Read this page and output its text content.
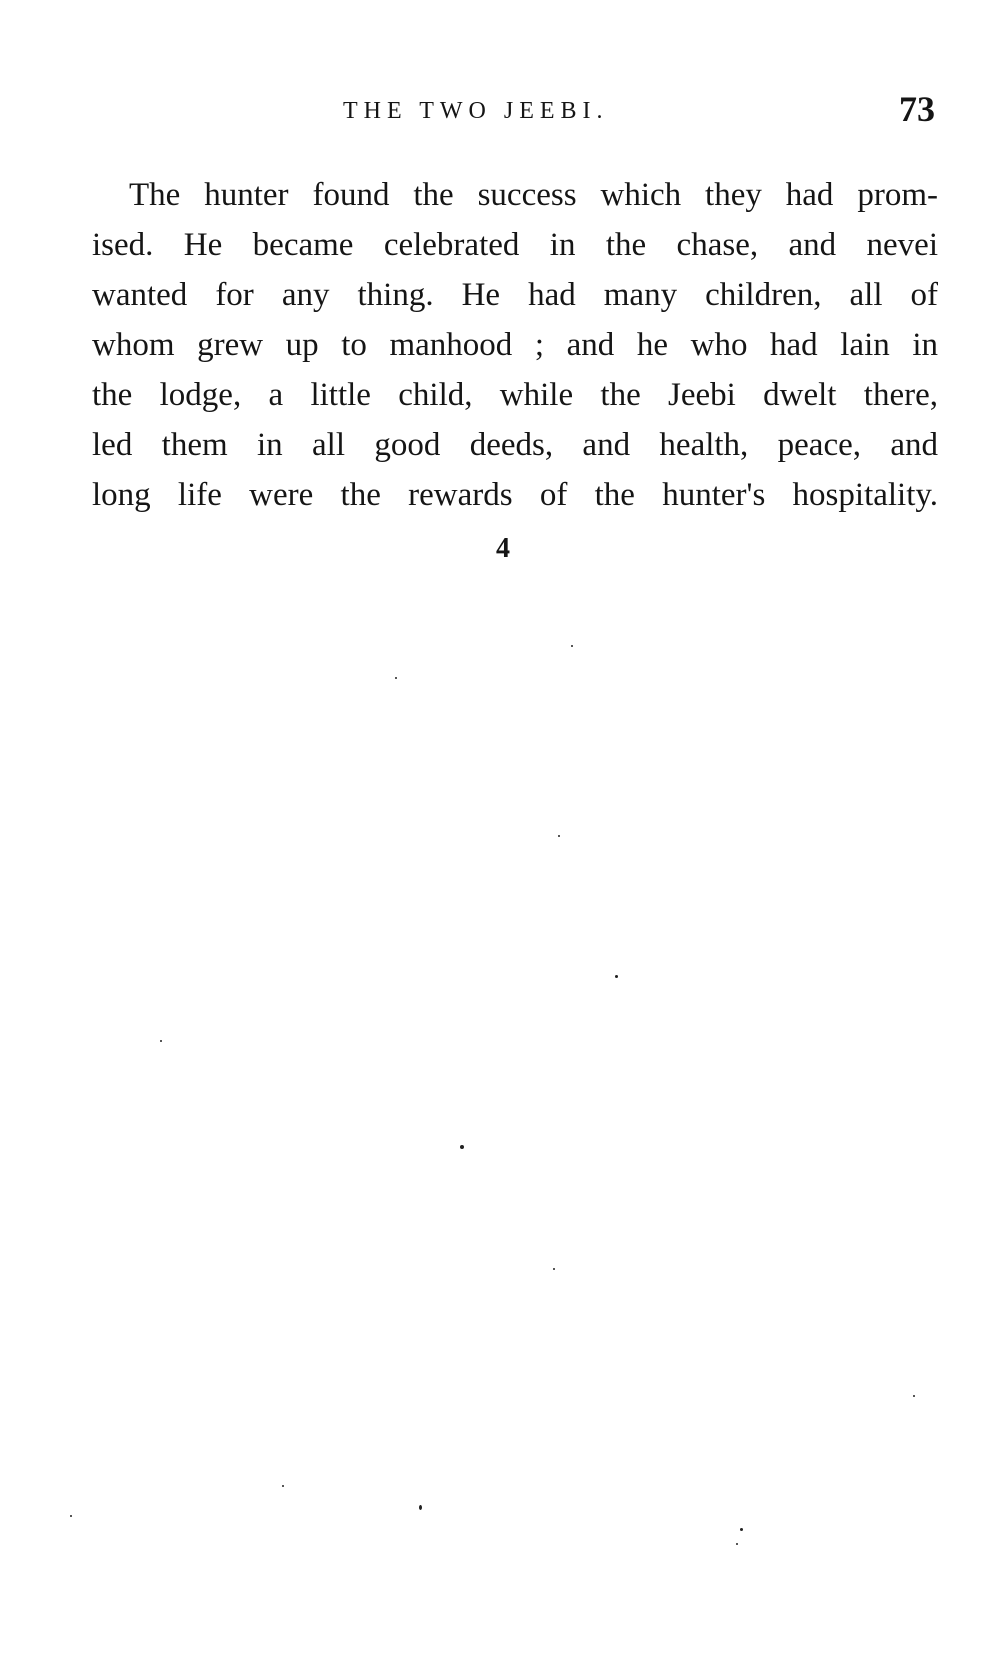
THE TWO JEEBI.	73
The hunter found the success which they had prom-
ised. He became celebrated in the chase, and nevei
wanted for any thing. He had many children, all of
whom grew up to manhood ; and he who had lain in
the lodge, a little child, while the Jeebi dwelt there,
led them in all good deeds, and health, peace, and
long life were the rewards of the hunter's hospitality.
4
